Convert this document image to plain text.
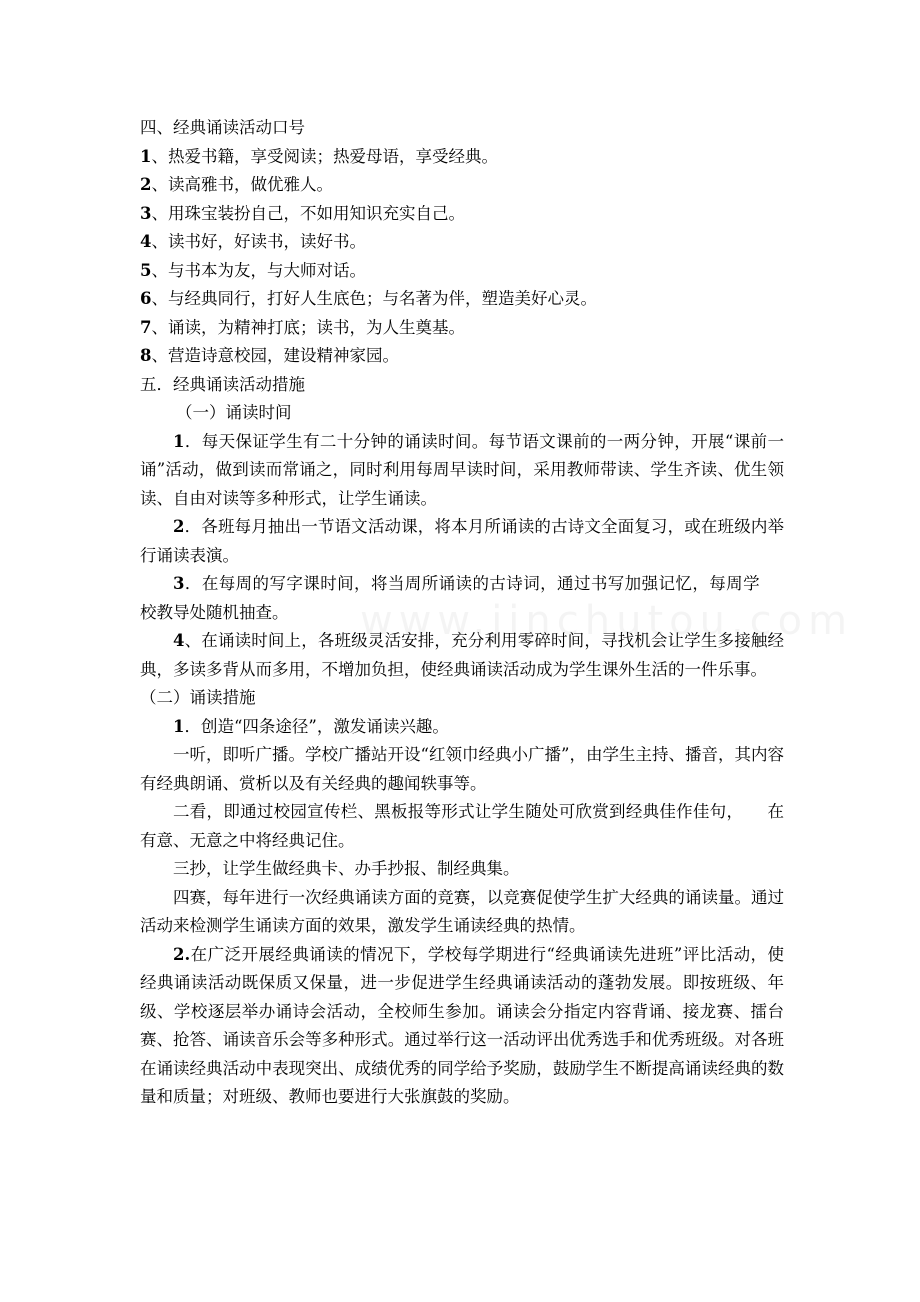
四、经典诵读活动口号
1、热爱书籍，享受阅读；热爱母语，享受经典。
2、读高雅书，做优雅人。
3、用珠宝装扮自己，不如用知识充实自己。
4、读书好，好读书，读好书。
5、与书本为友，与大师对话。
6、与经典同行，打好人生底色；与名著为伴，塑造美好心灵。
7、诵读，为精神打底；读书，为人生奠基。
8、营造诗意校园，建设精神家园。
五．经典诵读活动措施
（一）诵读时间
1．每天保证学生有二十分钟的诵读时间。每节语文课前的一两分钟，开展“课前一诵”活动，做到读而常诵之，同时利用每周早读时间，采用教师带读、学生齐读、优生领读、自由对读等多种形式，让学生诵读。
2．各班每月抽出一节语文活动课，将本月所诵读的古诗文全面复习，或在班级内举行诵读表演。
3．在每周的写字课时间，将当周所诵读的古诗词，通过书写加强记忆，每周学校教导处随机抽查。
4、在诵读时间上，各班级灵活安排，充分利用零碎时间，寻找机会让学生多接触经典，多读多背从而多用，不增加负担，使经典诵读活动成为学生课外生活的一件乐事。
（二）诵读措施
1．创造“四条途径”，激发诵读兴趣。
一听，即听广播。学校广播站开设“红领巾经典小广播”，由学生主持、播音，其内容有经典朗诵、赏析以及有关经典的趣闻轶事等。
二看，即通过校园宣传栏、黑板报等形式让学生随处可欣赏到经典佳作佳句， 在有意、无意之中将经典记住。
三抄，让学生做经典卡、办手抄报、制经典集。
四赛，每年进行一次经典诵读方面的竞赛，以竞赛促使学生扩大经典的诵读量。通过活动来检测学生诵读方面的效果，激发学生诵读经典的热情。
2.在广泛开展经典诵读的情况下，学校每学期进行“经典诵读先进班”评比活动，使经典诵读活动既保质又保量，进一步促进学生经典诵读活动的蓬勃发展。即按班级、年级、学校逐层举办诵诗会活动，全校师生参加。诵读会分指定内容背诵、接龙赛、擂台赛、抢答、诵读音乐会等多种形式。通过举行这一活动评出优秀选手和优秀班级。对各班在诵读经典活动中表现突出、成绩优秀的同学给予奖励，鼓励学生不断提高诵读经典的数量和质量；对班级、教师也要进行大张旗鼓的奖励。
